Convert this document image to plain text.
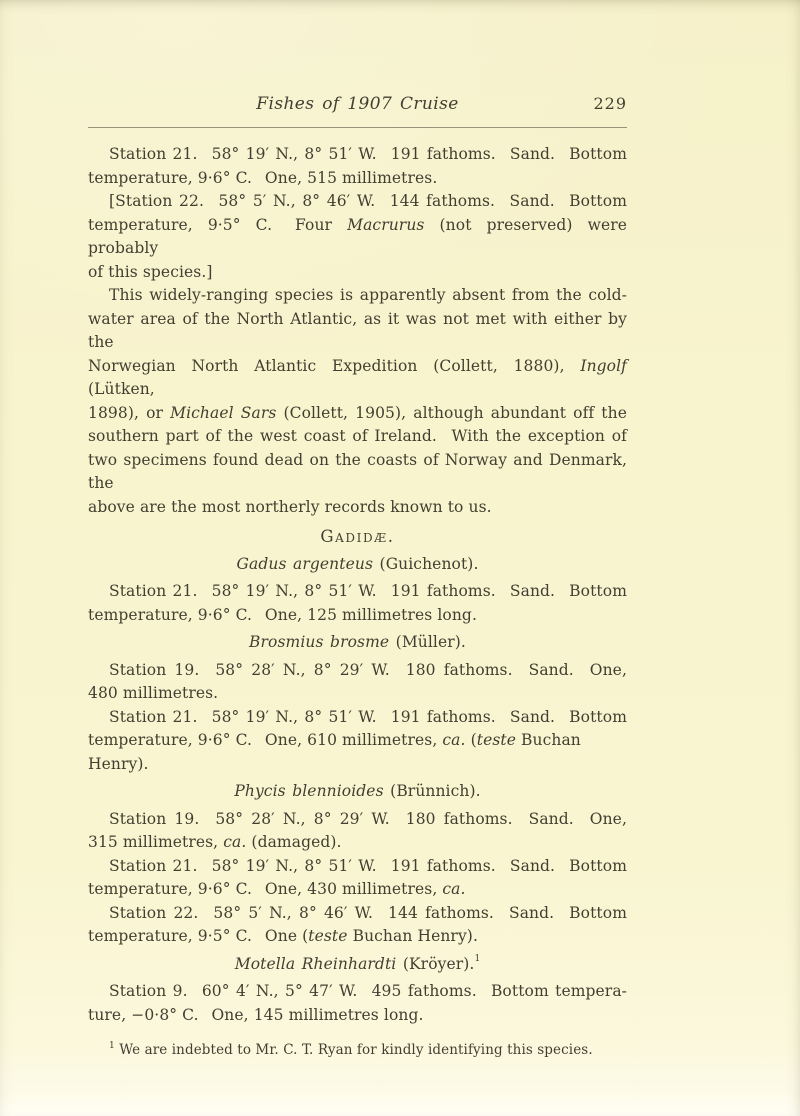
Fishes of 1907 Cruise	229
Station 21.  58° 19′ N., 8° 51′ W.  191 fathoms.  Sand.  Bottom
temperature, 9·6° C.  One, 515 millimetres.
[Station 22.  58° 5′ N., 8° 46′ W.  144 fathoms.  Sand.  Bottom
temperature, 9·5° C.  Four Macrurus (not preserved) were probably
of this species.]
This widely-ranging species is apparently absent from the cold-
water area of the North Atlantic, as it was not met with either by the
Norwegian North Atlantic Expedition (Collett, 1880), Ingolf (Lütken,
1898), or Michael Sars (Collett, 1905), although abundant off the
southern part of the west coast of Ireland.  With the exception of
two specimens found dead on the coasts of Norway and Denmark, the
above are the most northerly records known to us.
Gadidæ.
Gadus argenteus (Guichenot).
Station 21.  58° 19′ N., 8° 51′ W.  191 fathoms.  Sand.  Bottom
temperature, 9·6° C.  One, 125 millimetres long.
Brosmius brosme (Müller).
Station 19.  58° 28′ N., 8° 29′ W.  180 fathoms.  Sand.  One,
480 millimetres.
Station 21.  58° 19′ N., 8° 51′ W.  191 fathoms.  Sand.  Bottom
temperature, 9·6° C.  One, 610 millimetres, ca. (teste Buchan Henry).
Phycis blennioides (Brünnich).
Station 19.  58° 28′ N., 8° 29′ W.  180 fathoms.  Sand.  One,
315 millimetres, ca. (damaged).
Station 21.  58° 19′ N., 8° 51′ W.  191 fathoms.  Sand.  Bottom
temperature, 9·6° C.  One, 430 millimetres, ca.
Station 22.  58° 5′ N., 8° 46′ W.  144 fathoms.  Sand.  Bottom
temperature, 9·5° C.  One (teste Buchan Henry).
Motella Rheinhardti (Kröyer).$^1$
Station 9.  60° 4′ N., 5° 47′ W.  495 fathoms.  Bottom tempera-
ture, −0·8° C.  One, 145 millimetres long.
$^1$ We are indebted to Mr. C. T. Ryan for kindly identifying this species.
